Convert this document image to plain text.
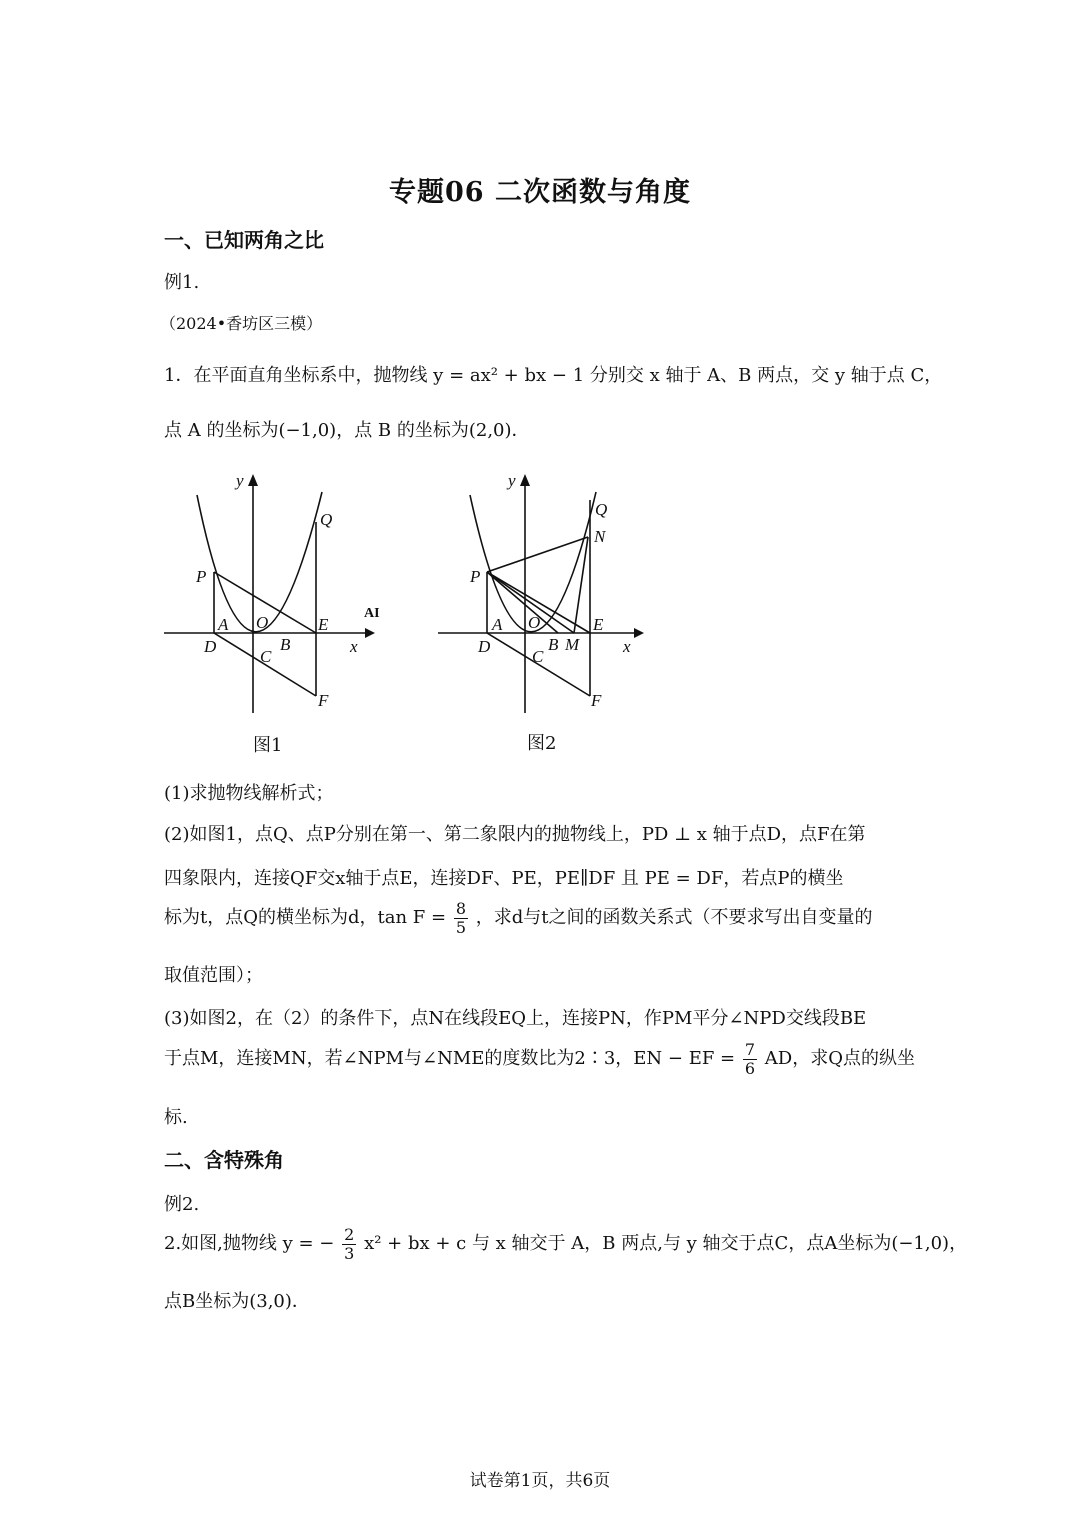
专题06 二次函数与角度
一、已知两角之比
例1.
（2024•香坊区三模）
1．在平面直角坐标系中，抛物线 y = ax² + bx − 1 分别交 x 轴于 A、B 两点，交 y 轴于点 C，
点 A 的坐标为(−1,0)，点 B 的坐标为(2,0)．
y
Q
P
A O	E
D
C
B	x
F
AI
图1
y
Q
N
P
A O	E
D
C
B M	x
F
图2
(1)求抛物线解析式；
(2)如图1，点Q、点P分别在第一、第二象限内的抛物线上，PD ⊥ x 轴于点D，点F在第
四象限内，连接QF交x轴于点E，连接DF、PE，PE∥DF 且 PE = DF，若点P的横坐
标为t，点Q的横坐标为d，$\tan F = \frac{8}{5}$ ，求d与t之间的函数关系式（不要求写出自变量的
取值范围）；
(3)如图2，在（2）的条件下，点N在线段EQ上，连接PN，作PM平分∠NPD交线段BE
于点M，连接MN，若∠NPM与∠NME的度数比为2∶3，EN − EF = $\frac{7}{6}$ AD，求Q点的纵坐
标.
二、含特殊角
例2.
2.如图,抛物线 y = − $\frac{2}{3} x^2$ + bx + c 与 x 轴交于 A，B 两点,与 y 轴交于点C，点A坐标为(−1,0)，
点B坐标为(3,0)．
试卷第1页，共6页
